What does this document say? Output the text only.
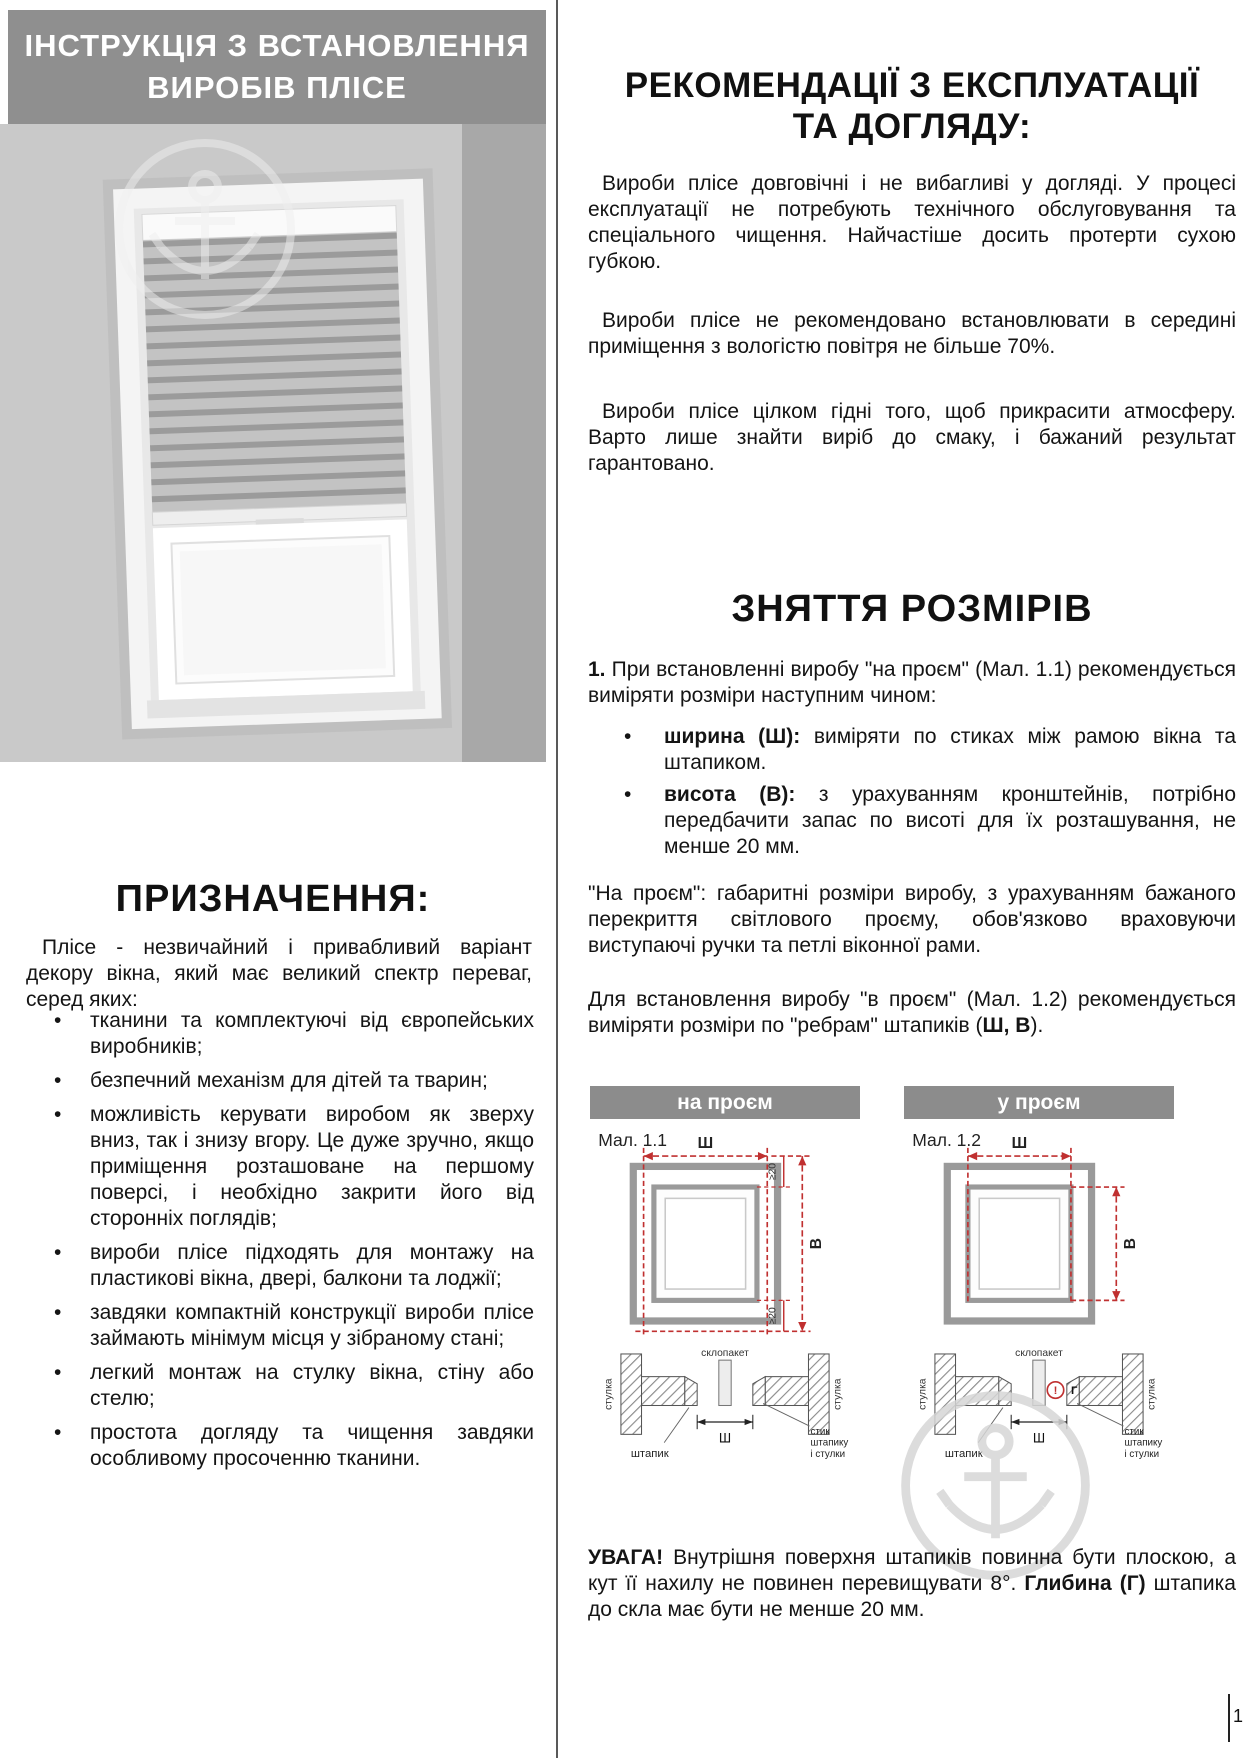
ІНСТРУКЦІЯ З ВСТАНОВЛЕННЯ
ВИРОБІВ ПЛІСЕ
ПРИЗНАЧЕННЯ:

Плісе - незвичайний і привабливий варіант декору вікна, який має великий спектр переваг, серед яких:

• тканини та комплектуючі від європейських виробників;
• безпечний механізм для дітей та тварин;
• можливість керувати виробом як зверху вниз, так і знизу вгору. Це дуже зручно, якщо приміщення розташоване на першому поверсі, і необхідно закрити його від сторонніх поглядів;
• вироби плісе підходять для монтажу на пластикові вікна, двері, балкони та лоджії;
• завдяки компактній конструкції вироби плісе займають мінімум місця у зібраному стані;
• легкий монтаж на стулку вікна, стіну або стелю;
• простота догляду та чищення завдяки особливому просоченню тканини.
РЕКОМЕНДАЦІЇ З ЕКСПЛУАТАЦІЇ
ТА ДОГЛЯДУ:

Вироби плісе довговічні і не вибагливі у догляді. У процесі експлуатації не потребують технічного обслуговування та спеціального чищення. Найчастіше досить протерти сухою губкою.

Вироби плісе не рекомендовано встановлювати в середині приміщення з вологістю повітря не більше 70%.

Вироби плісе цілком гідні того, щоб прикрасити атмосферу. Варто лише знайти виріб до смаку, і бажаний результат гарантовано.

ЗНЯТТЯ РОЗМІРІВ

1. При встановленні виробу "на проєм" (Мал. 1.1) рекомендується виміряти розміри наступним чином:

• ширина (Ш): виміряти по стиках між рамою вікна та штапиком.
• висота (В): з урахуванням кронштейнів, потрібно передбачити запас по висоті для їх розташування, не менше 20 мм.

"На проєм": габаритні розміри виробу, з урахуванням бажаного перекриття світлового проєму, обов'язково враховуючи виступаючі ручки та петлі віконної рами.

Для встановлення виробу "в проєм" (Мал. 1.2) рекомендується виміряти розміри по "ребрам" штапиків (Ш, В).

на проєм
Мал. 1.1 Ш
В
≥20
≥20
стулка	стулка
склопакет
штапик
Ш	стик
штапику
і стулки
у проєм
Мал. 1.2 Ш
В
стулка	стулка
склопакет
штапик
! Г
Ш	стик
штапику
і стулки

УВАГА! Внутрішня поверхня штапиків повинна бути плоскою, а кут її нахилу не повинен перевищувати 8°. Глибина (Г) штапика до скла має бути не менше 20 мм.

1
